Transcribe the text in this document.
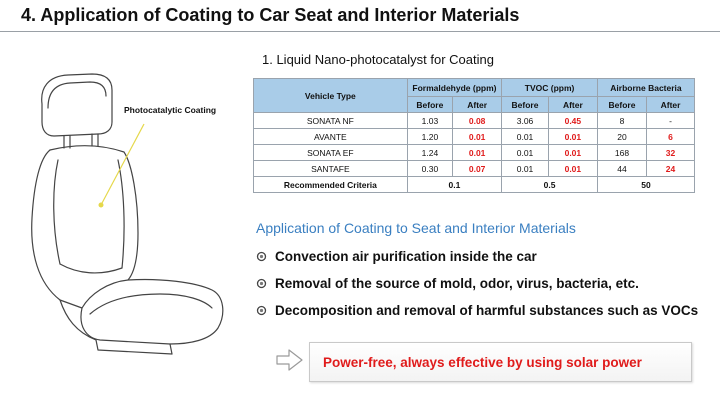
4. Application of Coating to Car Seat and Interior Materials
Photocatalytic Coating
1. Liquid Nano-photocatalyst for Coating
Vehicle Type	Formaldehyde (ppm)		TVOC (ppm)		Airborne Bacteria	
	Before	After	Before	After	Before	After
SONATA NF	1.03	0.08	3.06	0.45	8	-
AVANTE	1.20	0.01	0.01	0.01	20	6
SONATA EF	1.24	0.01	0.01	0.01	168	32
SANTAFE	0.30	0.07	0.01	0.01	44	24
Recommended Criteria	0.1		0.5		50	
Application of Coating to Seat and Interior Materials
Convection air purification inside the car
Removal of the source of mold, odor, virus, bacteria, etc.
Decomposition and removal of harmful substances such as VOCs
Power-free, always effective by using solar power
